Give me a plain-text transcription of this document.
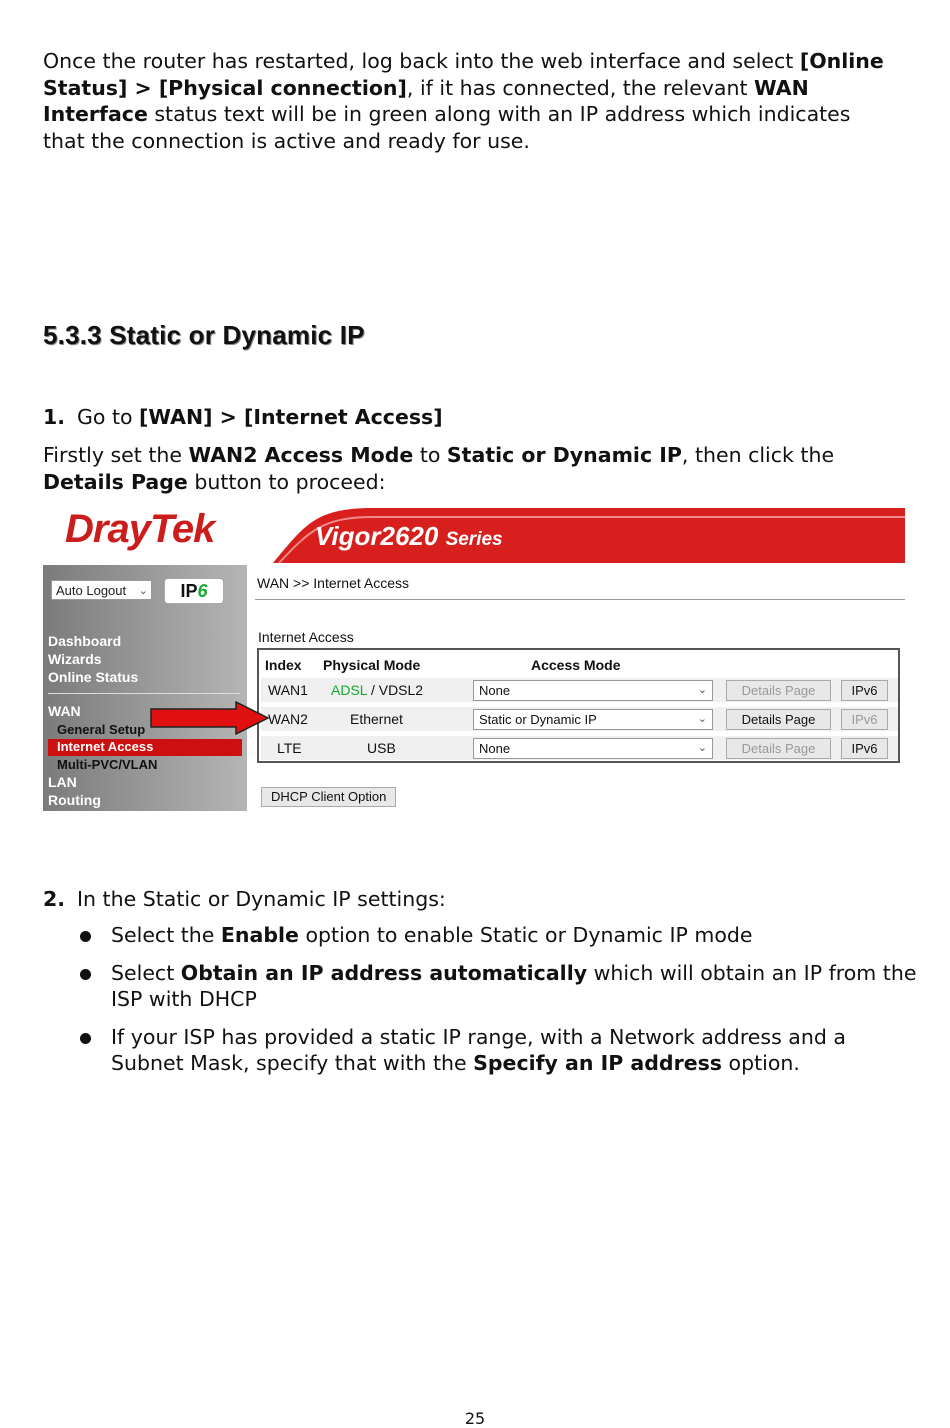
Once the router has restarted, log back into the web interface and select [Online Status] > [Physical connection], if it has connected, the relevant WAN Interface status text will be in green along with an IP address which indicates that the connection is active and ready for use.

5.3.3 Static or Dynamic IP

1. Go to [WAN] > [Internet Access]

Firstly set the WAN2 Access Mode to Static or Dynamic IP, then click the Details Page button to proceed:

DrayTek	Vigor2620 Series
Auto Logout ⌄	IP6
Dashboard
Wizards
Online Status
WAN
General Setup
Internet Access
Multi-PVC/VLAN
LAN
Routing
WAN >> Internet Access
Internet Access
Index Physical Mode	Access Mode
WAN1 ADSL / VDSL2	None	⌄	Details Page	IPv6
WAN2	Ethernet	Static or Dynamic IP	⌄	Details Page	IPv6
LTE	USB	None	⌄	Details Page	IPv6
DHCP Client Option

2. In the Static or Dynamic IP settings:

Select the Enable option to enable Static or Dynamic IP mode
Select Obtain an IP address automatically which will obtain an IP from the ISP with DHCP
If your ISP has provided a static IP range, with a Network address and a Subnet Mask, specify that with the Specify an IP address option.
25
